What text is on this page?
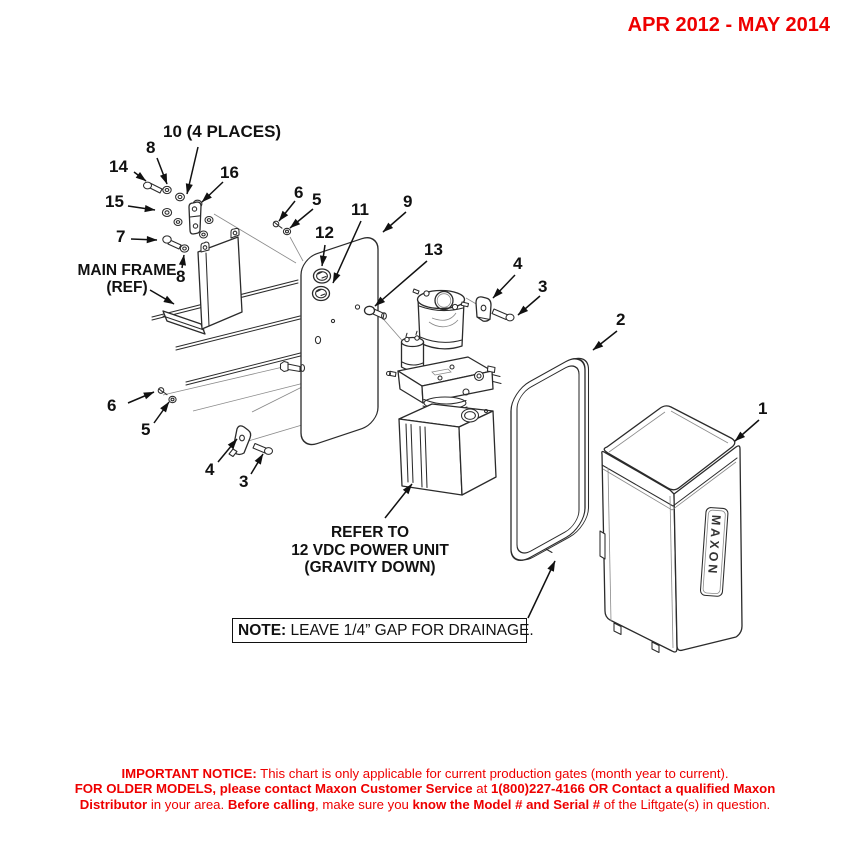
MAXON
APR 2012 - MAY 2014
10 (4 PLACES)
8
14	16
15
7
8
6 5
11 9
12
13
4
3
2
1
6
5
4
3
MAIN FRAME
(REF)
REFER TO
12 VDC POWER UNIT
(GRAVITY DOWN)
NOTE: LEAVE 1/4” GAP FOR DRAINAGE.
IMPORTANT NOTICE: This chart is only applicable for current production gates (month year to current).
FOR OLDER MODELS, please contact Maxon Customer Service at 1(800)227-4166 OR Contact a qualified Maxon
Distributor in your area. Before calling, make sure you know the Model # and Serial # of the Liftgate(s) in question.
